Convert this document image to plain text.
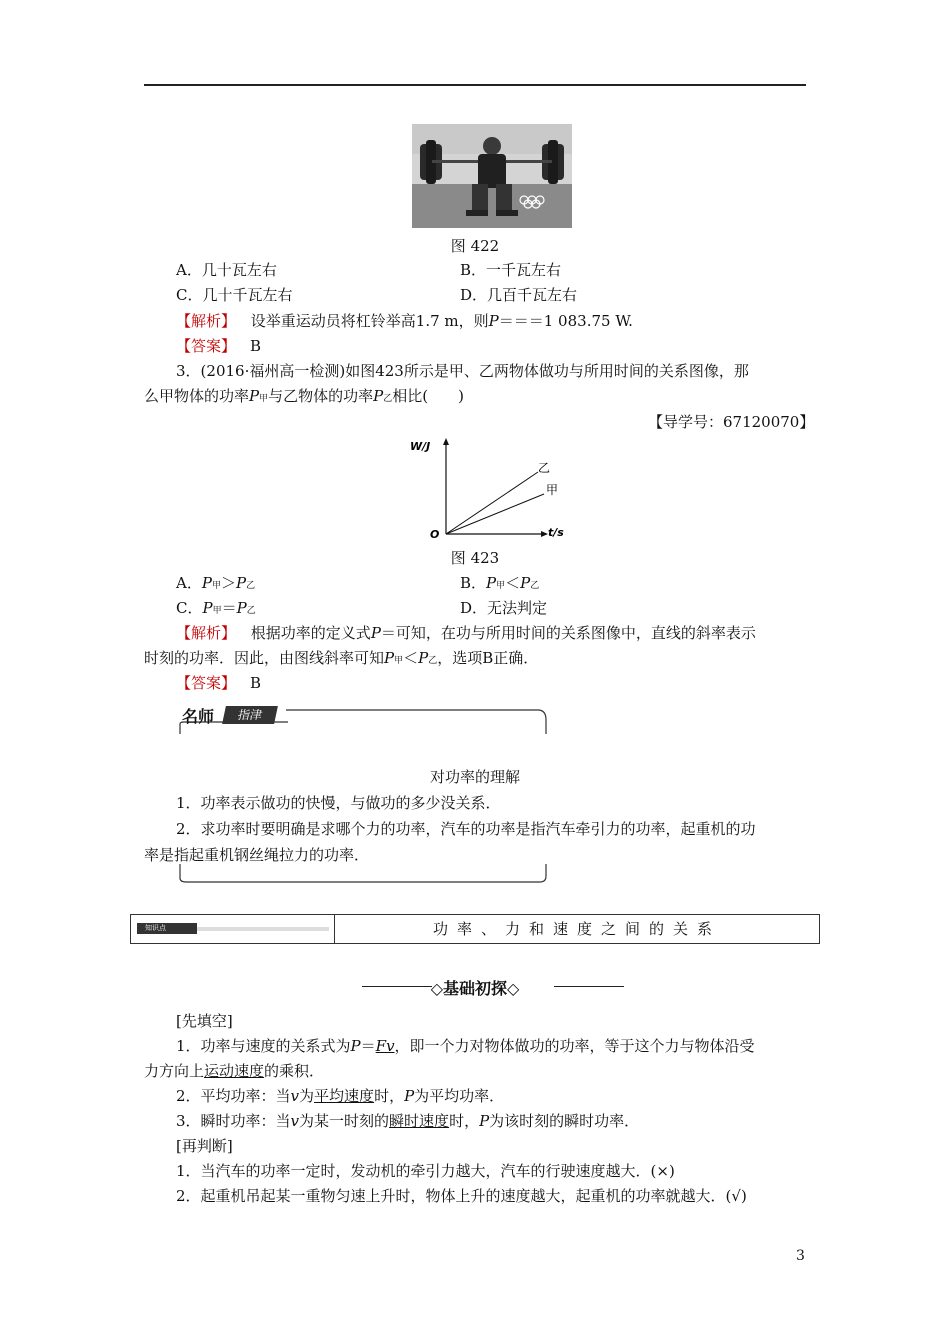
图 422
A．几十瓦左右	B．一千瓦左右
C．几十千瓦左右	D．几百千瓦左右
【解析】 设举重运动员将杠铃举高1.7 m，则P＝＝＝1 083.75 W.
【答案】 B
3．(2016·福州高一检测)如图423所示是甲、乙两物体做功与所用时间的关系图像，那
么甲物体的功率P甲与乙物体的功率P乙相比(　　)
【导学号：67120070】
W/J
t/s
O
乙
甲
图 423
A．P甲＞P乙	B．P甲＜P乙
C．P甲＝P乙	D．无法判定
【解析】 根据功率的定义式P＝可知，在功与所用时间的关系图像中，直线的斜率表示
时刻的功率．因此，由图线斜率可知P甲＜P乙，选项B正确．
【答案】 B
名师	指津
对功率的理解
1．功率表示做功的快慢，与做功的多少没关系．
2．求功率时要明确是求哪个力的功率，汽车的功率是指汽车牵引力的功率，起重机的功
率是指起重机钢丝绳拉力的功率．
知识点	功率、力和速度之间的关系
◇基础初探◇
[先填空]
1．功率与速度的关系式为P＝Fv，即一个力对物体做功的功率，等于这个力与物体沿受
力方向上运动速度的乘积．
2．平均功率：当v为平均速度时，P为平均功率．
3．瞬时功率：当v为某一时刻的瞬时速度时，P为该时刻的瞬时功率．
[再判断]
1．当汽车的功率一定时，发动机的牵引力越大，汽车的行驶速度越大．(×)
2．起重机吊起某一重物匀速上升时，物体上升的速度越大，起重机的功率就越大．(√)
3
